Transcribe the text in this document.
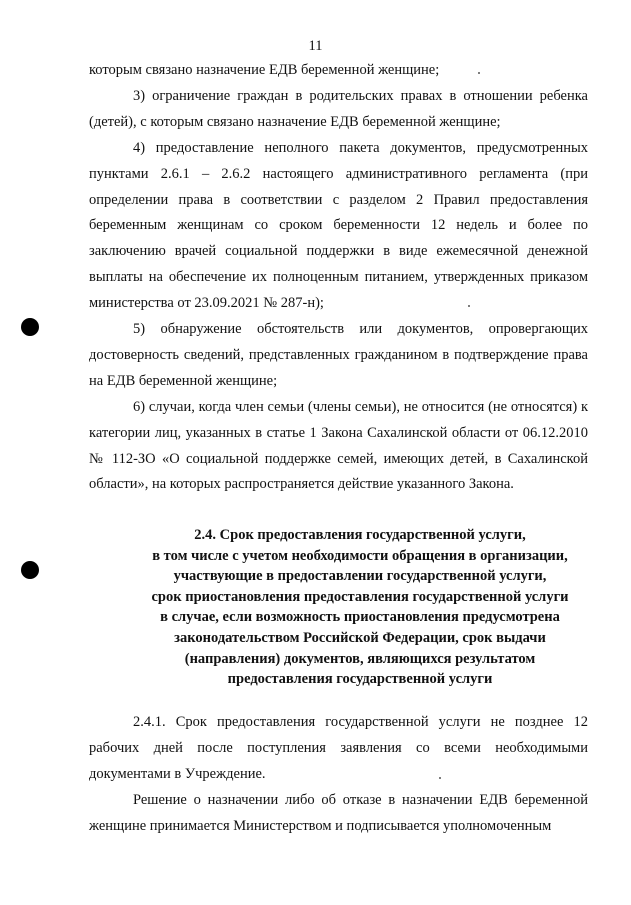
11

которым связано назначение ЕДВ беременной женщине;

3) ограничение граждан в родительских правах в отношении ребенка (детей), с которым связано назначение ЕДВ беременной женщине;

4) предоставление неполного пакета документов, предусмотренных пунктами 2.6.1 – 2.6.2 настоящего административного регламента (при определении права в соответствии с разделом 2 Правил предоставления беременным женщинам со сроком беременности 12 недель и более по заключению врачей социальной поддержки в виде ежемесячной денежной выплаты на обеспечение их полноценным питанием, утвержденных приказом министерства от 23.09.2021 № 287-н);

5) обнаружение обстоятельств или документов, опровергающих достоверность сведений, представленных гражданином в подтверждение права на ЕДВ беременной женщине;

6) случаи, когда член семьи (члены семьи), не относится (не относятся) к категории лиц, указанных в статье 1 Закона Сахалинской области от 06.12.2010 № 112-ЗО «О социальной поддержке семей, имеющих детей, в Сахалинской области», на которых распространяется действие указанного Закона.

2.4. Срок предоставления государственной услуги,
в том числе с учетом необходимости обращения в организации,
участвующие в предоставлении государственной услуги,
срок приостановления предоставления государственной услуги
в случае, если возможность приостановления предусмотрена
законодательством Российской Федерации, срок выдачи
(направления) документов, являющихся результатом
предоставления государственной услуги

2.4.1. Срок предоставления государственной услуги не позднее 12 рабочих дней после поступления заявления со всеми необходимыми документами в Учреждение.

Решение о назначении либо об отказе в назначении ЕДВ беременной женщине принимается Министерством и подписывается уполномоченным
